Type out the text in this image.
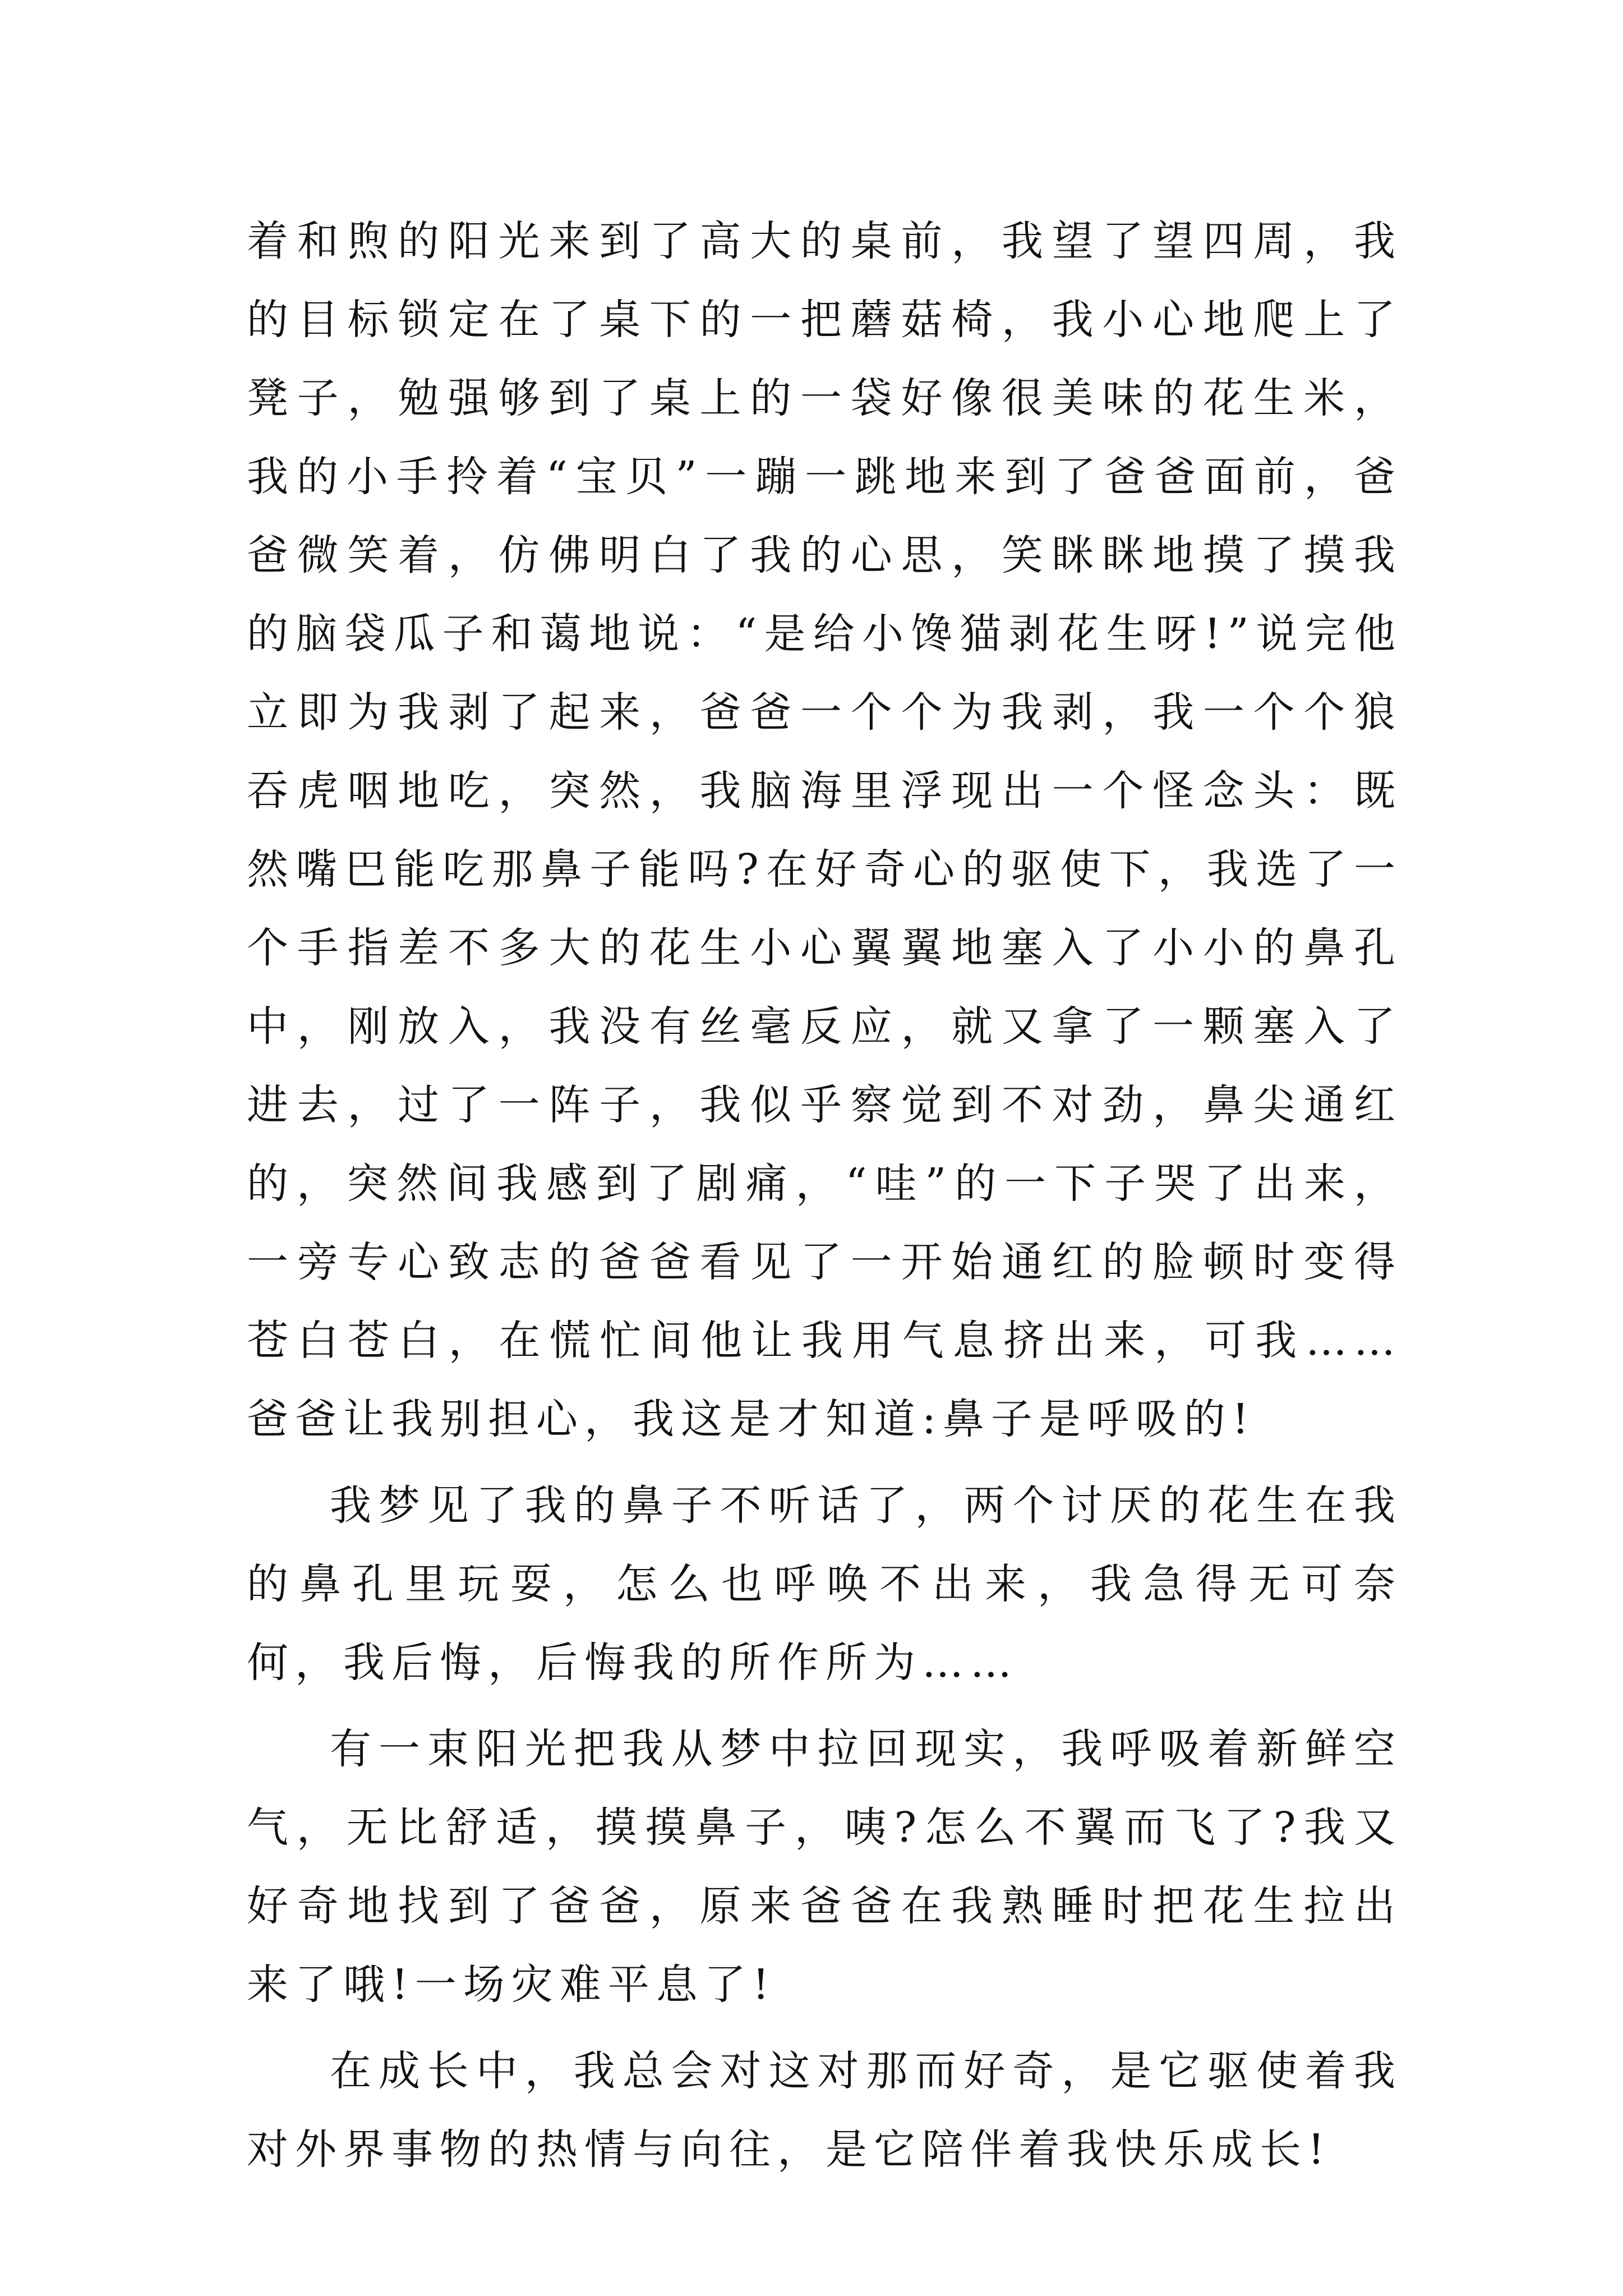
着和煦的阳光来到了高大的桌前，我望了望四周，我的目标锁定在了桌下的一把蘑菇椅，我小心地爬上了凳子，勉强够到了桌上的一袋好像很美味的花生米，我的小手拎着“宝贝”一蹦一跳地来到了爸爸面前，爸爸微笑着，仿佛明白了我的心思，笑眯眯地摸了摸我的脑袋瓜子和蔼地说：“是给小馋猫剥花生呀!”说完他立即为我剥了起来，爸爸一个个为我剥，我一个个狼吞虎咽地吃，突然，我脑海里浮现出一个怪念头：既然嘴巴能吃那鼻子能吗?在好奇心的驱使下，我选了一个手指差不多大的花生小心翼翼地塞入了小小的鼻孔中，刚放入，我没有丝毫反应，就又拿了一颗塞入了进去，过了一阵子，我似乎察觉到不对劲，鼻尖通红的，突然间我感到了剧痛，“哇”的一下子哭了出来，一旁专心致志的爸爸看见了一开始通红的脸顿时变得苍白苍白，在慌忙间他让我用气息挤出来，可我……爸爸让我别担心，我这是才知道:鼻子是呼吸的!

我梦见了我的鼻子不听话了，两个讨厌的花生在我的鼻孔里玩耍，怎么也呼唤不出来，我急得无可奈何，我后悔，后悔我的所作所为……

有一束阳光把我从梦中拉回现实，我呼吸着新鲜空气，无比舒适，摸摸鼻子，咦?怎么不翼而飞了?我又好奇地找到了爸爸，原来爸爸在我熟睡时把花生拉出来了哦!一场灾难平息了!

在成长中，我总会对这对那而好奇，是它驱使着我对外界事物的热情与向往，是它陪伴着我快乐成长!
